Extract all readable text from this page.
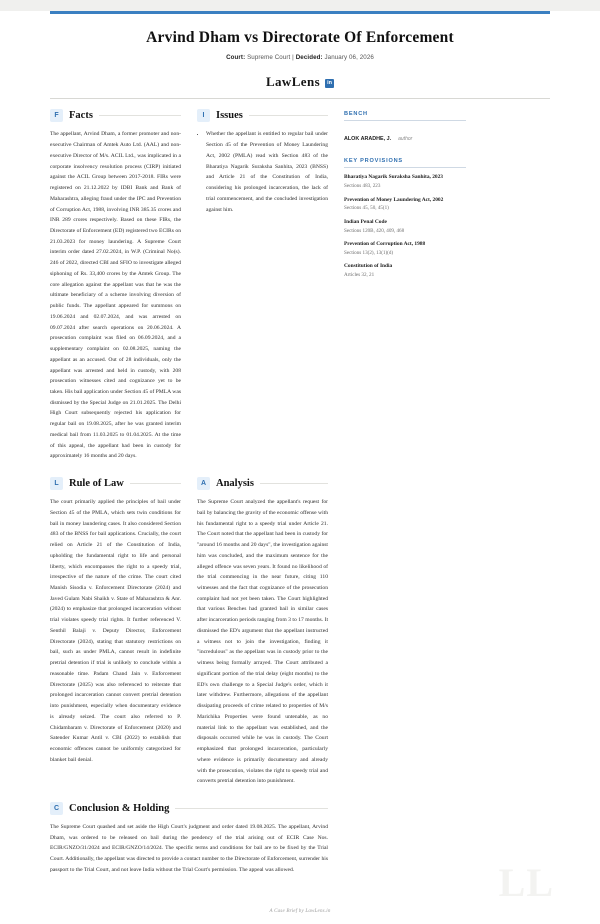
Arvind Dham vs Directorate Of Enforcement
Court: Supreme Court | Decided: January 06, 2026
LawLens	in
F Facts

The appellant, Arvind Dham, a former promoter and non-executive Chairman of Amtek Auto Ltd. (AAL) and non-executive Director of M/s. ACIL Ltd., was implicated in a corporate insolvency resolution process (CIRP) initiated against the ACIL Group between 2017-2018. FIRs were registered on 21.12.2022 by IDBI Bank and Bank of Maharashtra, alleging fraud under the IPC and Prevention of Corruption Act, 1988, involving INR 385.35 crores and INR 289 crores respectively. Based on these FIRs, the Directorate of Enforcement (ED) registered two ECIRs on 21.03.2023 for money laundering. A Supreme Court interim order dated 27.02.2024, in W.P. (Criminal No(s). 246 of 2022, directed CBI and SFIO to investigate alleged siphoning of Rs. 33,400 crores by the Amtek Group. The core allegation against the appellant was that he was the ultimate beneficiary of a scheme involving diversion of public funds. The appellant appeared for summons on 19.06.2024 and 02.07.2024, and was arrested on 09.07.2024 after search operations on 20.06.2024. A prosecution complaint was filed on 06.09.2024, and a supplementary complaint on 02.08.2025, naming the appellant as an accused. Out of 28 individuals, only the appellant was arrested and held in custody, with 208 prosecution witnesses cited and cognizance yet to be taken. His bail application under Section 45 of PMLA was dismissed by the Special Judge on 21.01.2025. The Delhi High Court subsequently rejected his application for regular bail on 19.08.2025, after he was granted interim medical bail from 11.03.2025 to 01.04.2025. At the time of this appeal, the appellant had been in custody for approximately 16 months and 20 days.

I	Issues
• Whether the appellant is entitled to regular bail under Section 45 of the Prevention of Money Laundering Act, 2002 (PMLA) read with Section 483 of the Bharatiya Nagarik Suraksha Sanhita, 2023 (BNSS) and Article 21 of the Constitution of India, considering his prolonged incarceration, the lack of trial commencement, and the concluded investigation against him.
L Rule of Law

The court primarily applied the principles of bail under Section 45 of the PMLA, which sets twin conditions for bail in money laundering cases. It also considered Section 483 of the BNSS for bail applications. Crucially, the court relied on Article 21 of the Constitution of India, upholding the fundamental right to life and personal liberty, which encompasses the right to a speedy trial, irrespective of the nature of the crime. The court cited Manish Sisodia v. Enforcement Directorate (2024) and Javed Gulam Nabi Shaikh v. State of Maharashtra & Anr. (2024) to emphasize that prolonged incarceration without trial violates speedy trial rights. It further referenced V. Senthil Balaji v. Deputy Director, Enforcement Directorate (2024), stating that statutory restrictions on bail, such as under PMLA, cannot result in indefinite pretrial detention if trial is unlikely to conclude within a reasonable time. Padam Chand Jain v. Enforcement Directorate (2025) was also referenced to reiterate that prolonged incarceration cannot convert pretrial detention into punishment, especially when documentary evidence is already seized. The court also referred to P. Chidambaram v. Directorate of Enforcement (2020) and Satender Kumar Antil v. CBI (2022) to establish that economic offences cannot be uniformly categorized for blanket bail denial.

A Analysis

The Supreme Court analyzed the appellant's request for bail by balancing the gravity of the economic offense with his fundamental right to a speedy trial under Article 21. The Court noted that the appellant had been in custody for "around 16 months and 20 days", the investigation against him was concluded, and the maximum sentence for the alleged offence was seven years. It found no likelihood of the trial commencing in the near future, citing 110 witnesses and the fact that cognizance of the prosecution complaint had not yet been taken. The Court highlighted that various Benches had granted bail in similar cases after incarceration periods ranging from 3 to 17 months. It dismissed the ED's argument that the appellant instructed a witness not to join the investigation, finding it "incredulous" as the appellant was in custody prior to the witness being formally arrayed. The Court attributed a significant portion of the trial delay (eight months) to the ED's own challenge to a Special Judge's order, which it later withdrew. Furthermore, allegations of the appellant dissipating proceeds of crime related to properties of M/s Marichika Properties were found untenable, as no material link to the appellant was established, and the disposals occurred while he was in custody. The Court emphasized that prolonged incarceration, particularly where evidence is primarily documentary and already with the prosecution, violates the right to speedy trial and converts pretrial detention into punishment.

C Conclusion & Holding

The Supreme Court quashed and set aside the High Court's judgment and order dated 19.08.2025. The appellant, Arvind Dham, was ordered to be released on bail during the pendency of the trial arising out of ECIR Case Nos. ECIR/GNZO/31/2024 and ECIR/GNZO/14/2024. The specific terms and conditions for bail are to be fixed by the Trial Court. Additionally, the appellant was directed to provide a contact number to the Directorate of Enforcement, surrender his passport to the Trial Court, and not leave India without the Trial Court's permission. The appeal was allowed.

BENCH
ALOK ARADHE, J. author
KEY PROVISIONS
Bharatiya Nagarik Suraksha Sanhita, 2023
Sections 483, 223
Prevention of Money Laundering Act, 2002
Sections 45, 50, 45(1)
Indian Penal Code
Sections 120B, 420, 409, 468
Prevention of Corruption Act, 1988
Sections 13(2), 13(1)(d)
Constitution of India
Articles 32, 21
LL
A Case Brief by LawLens.in
